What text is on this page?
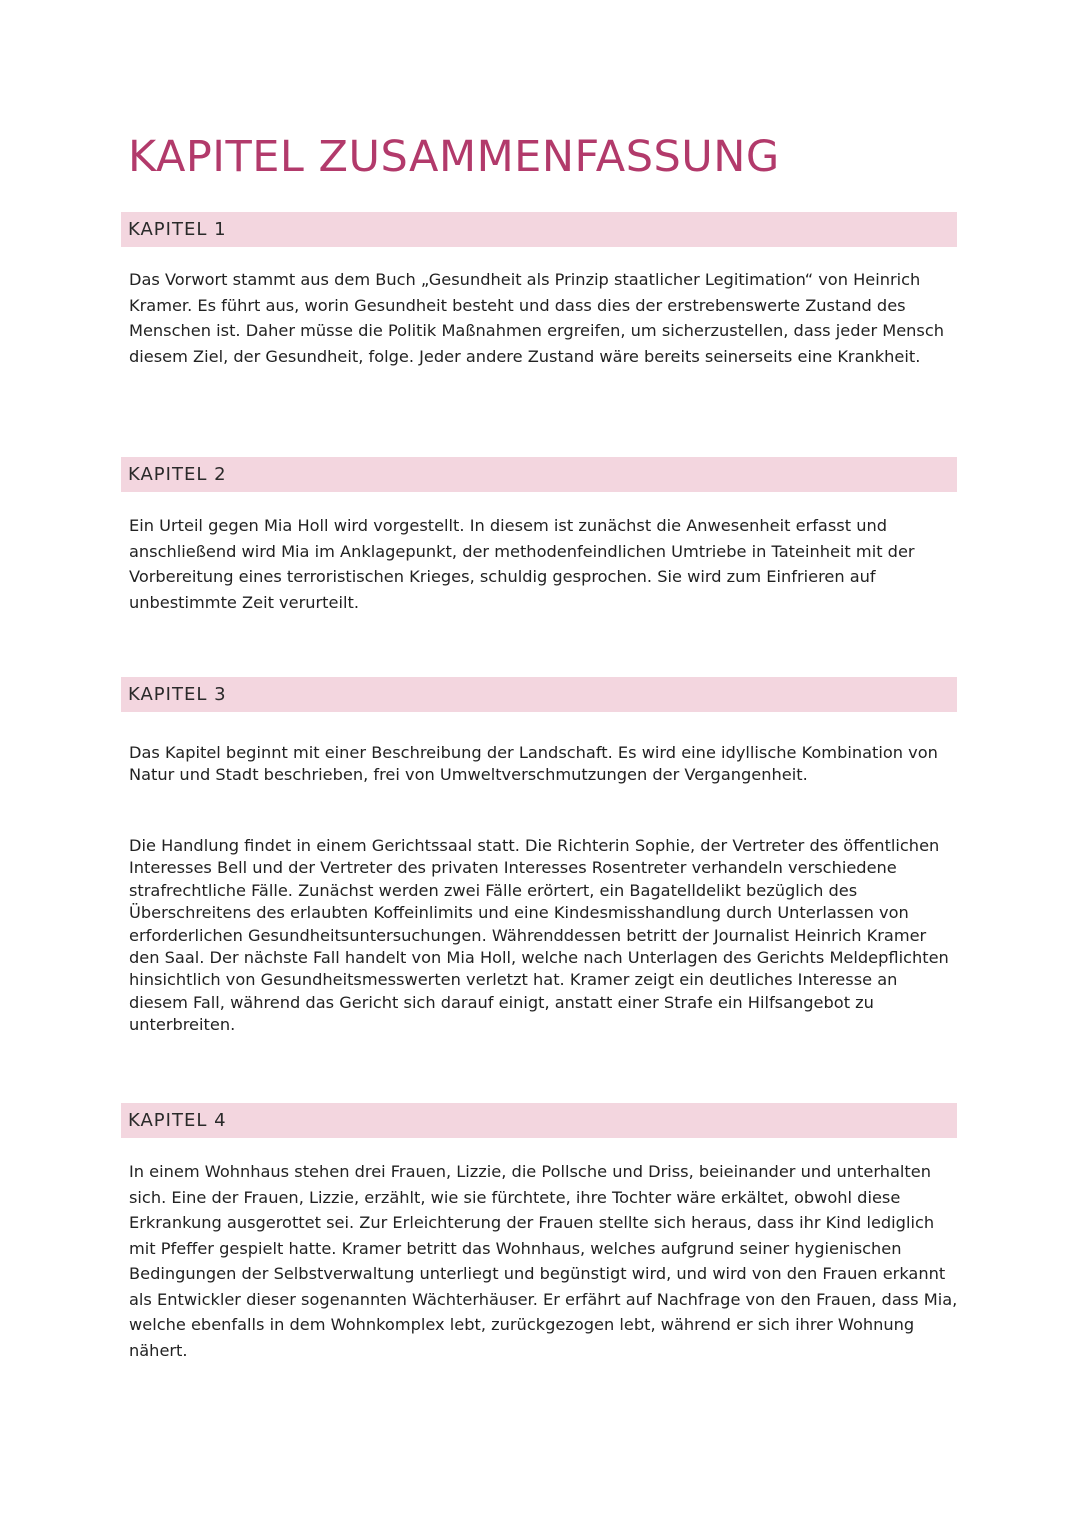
KAPITEL ZUSAMMENFASSUNG
KAPITEL 1

Das Vorwort stammt aus dem Buch „Gesundheit als Prinzip staatlicher Legitimation“ von Heinrich Kramer. Es führt aus, worin Gesundheit besteht und dass dies der erstrebenswerte Zustand des Menschen ist. Daher müsse die Politik Maßnahmen ergreifen, um sicherzustellen, dass jeder Mensch diesem Ziel, der Gesundheit, folge. Jeder andere Zustand wäre bereits seinerseits eine Krankheit.

KAPITEL 2

Ein Urteil gegen Mia Holl wird vorgestellt. In diesem ist zunächst die Anwesenheit erfasst und anschließend wird Mia im Anklagepunkt, der methodenfeindlichen Umtriebe in Tateinheit mit der Vorbereitung eines terroristischen Krieges, schuldig gesprochen. Sie wird zum Einfrieren auf unbestimmte Zeit verurteilt.

KAPITEL 3

Das Kapitel beginnt mit einer Beschreibung der Landschaft. Es wird eine idyllische Kombination von Natur und Stadt beschrieben, frei von Umweltverschmutzungen der Vergangenheit.

Die Handlung findet in einem Gerichtssaal statt. Die Richterin Sophie, der Vertreter des öffentlichen Interesses Bell und der Vertreter des privaten Interesses Rosentreter verhandeln verschiedene strafrechtliche Fälle. Zunächst werden zwei Fälle erörtert, ein Bagatelldelikt bezüglich des Überschreitens des erlaubten Koffeinlimits und eine Kindesmisshandlung durch Unterlassen von erforderlichen Gesundheitsuntersuchungen. Währenddessen betritt der Journalist Heinrich Kramer den Saal. Der nächste Fall handelt von Mia Holl, welche nach Unterlagen des Gerichts Meldepflichten hinsichtlich von Gesundheitsmesswerten verletzt hat. Kramer zeigt ein deutliches Interesse an diesem Fall, während das Gericht sich darauf einigt, anstatt einer Strafe ein Hilfsangebot zu unterbreiten.

KAPITEL 4

In einem Wohnhaus stehen drei Frauen, Lizzie, die Pollsche und Driss, beieinander und unterhalten sich. Eine der Frauen, Lizzie, erzählt, wie sie fürchtete, ihre Tochter wäre erkältet, obwohl diese Erkrankung ausgerottet sei. Zur Erleichterung der Frauen stellte sich heraus, dass ihr Kind lediglich mit Pfeffer gespielt hatte. Kramer betritt das Wohnhaus, welches aufgrund seiner hygienischen Bedingungen der Selbstverwaltung unterliegt und begünstigt wird, und wird von den Frauen erkannt als Entwickler dieser sogenannten Wächterhäuser. Er erfährt auf Nachfrage von den Frauen, dass Mia, welche ebenfalls in dem Wohnkomplex lebt, zurückgezogen lebt, während er sich ihrer Wohnung nähert.
